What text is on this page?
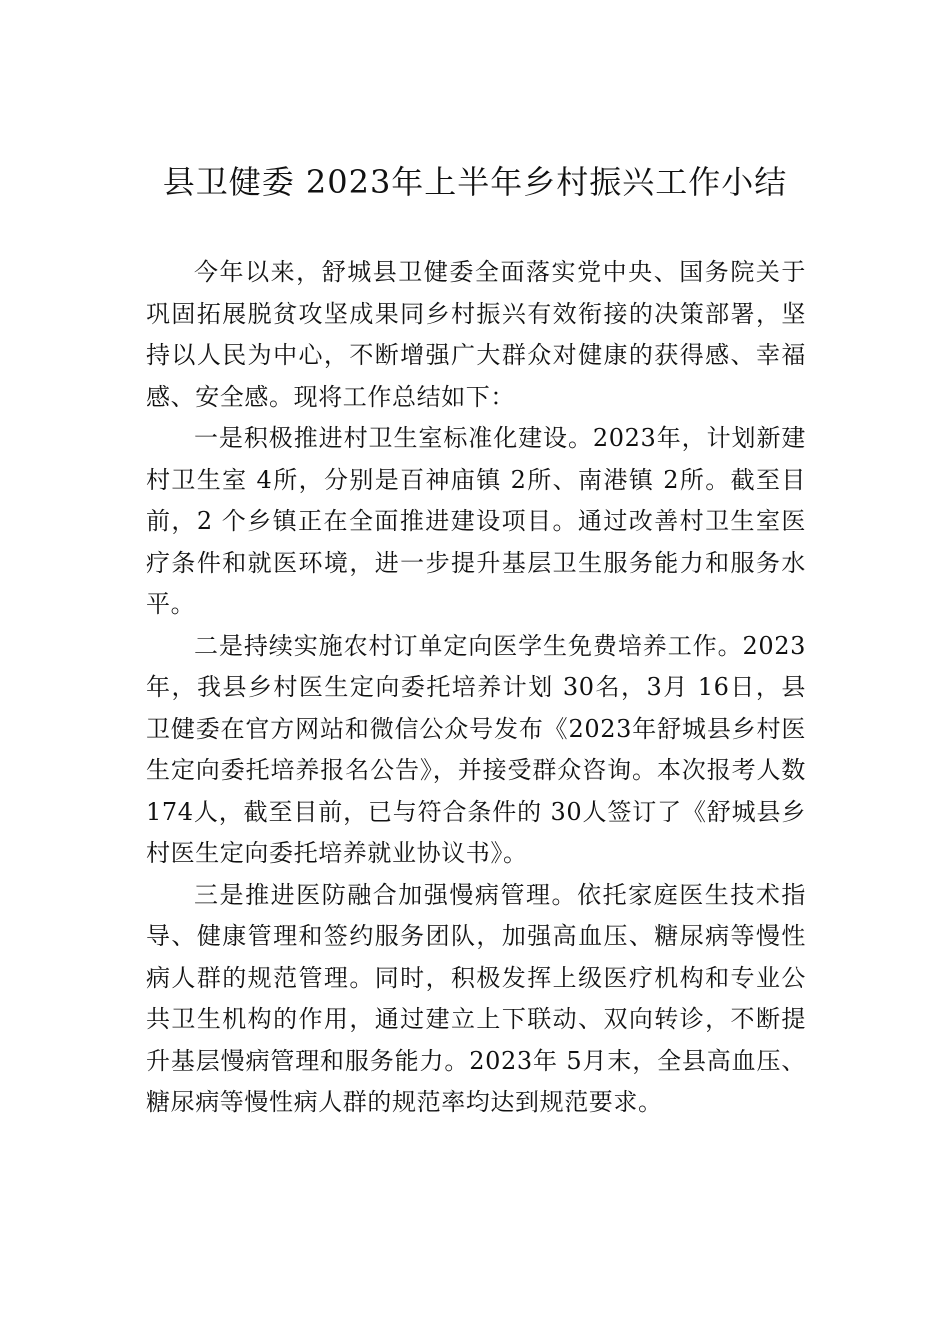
县卫健委 2023年上半年乡村振兴工作小结

今年以来，舒城县卫健委全面落实党中央、国务院关于巩固拓展脱贫攻坚成果同乡村振兴有效衔接的决策部署，坚持以人民为中心，不断增强广大群众对健康的获得感、幸福感、安全感。现将工作总结如下：

一是积极推进村卫生室标准化建设。2023年，计划新建村卫生室 4所，分别是百神庙镇 2所、南港镇 2所。截至目前，2 个乡镇正在全面推进建设项目。通过改善村卫生室医疗条件和就医环境，进一步提升基层卫生服务能力和服务水平。

二是持续实施农村订单定向医学生免费培养工作。2023年，我县乡村医生定向委托培养计划 30名，3月 16日，县卫健委在官方网站和微信公众号发布《2023年舒城县乡村医生定向委托培养报名公告》，并接受群众咨询。本次报考人数174人，截至目前，已与符合条件的 30人签订了《舒城县乡村医生定向委托培养就业协议书》。

三是推进医防融合加强慢病管理。依托家庭医生技术指导、健康管理和签约服务团队，加强高血压、糖尿病等慢性病人群的规范管理。同时，积极发挥上级医疗机构和专业公共卫生机构的作用，通过建立上下联动、双向转诊，不断提升基层慢病管理和服务能力。2023年 5月末，全县高血压、糖尿病等慢性病人群的规范率均达到规范要求。
